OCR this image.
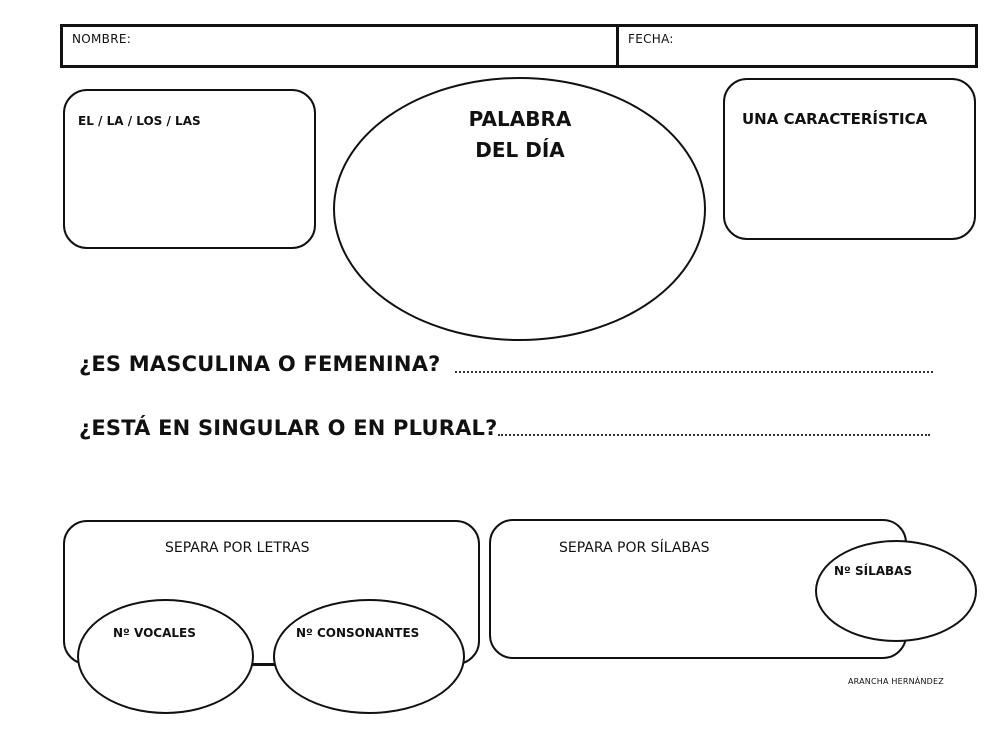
NOMBRE:	FECHA:
EL / LA / LOS / LAS	PALABRA
DEL DÍA
UNA CARACTERÍSTICA
¿ES MASCULINA O FEMENINA?
¿ESTÁ EN SINGULAR O EN PLURAL?
SEPARA POR LETRAS
Nº VOCALES	Nº CONSONANTES
SEPARA POR SÍLABAS
Nº SÍLABAS
ARANCHA HERNÁNDEZ
